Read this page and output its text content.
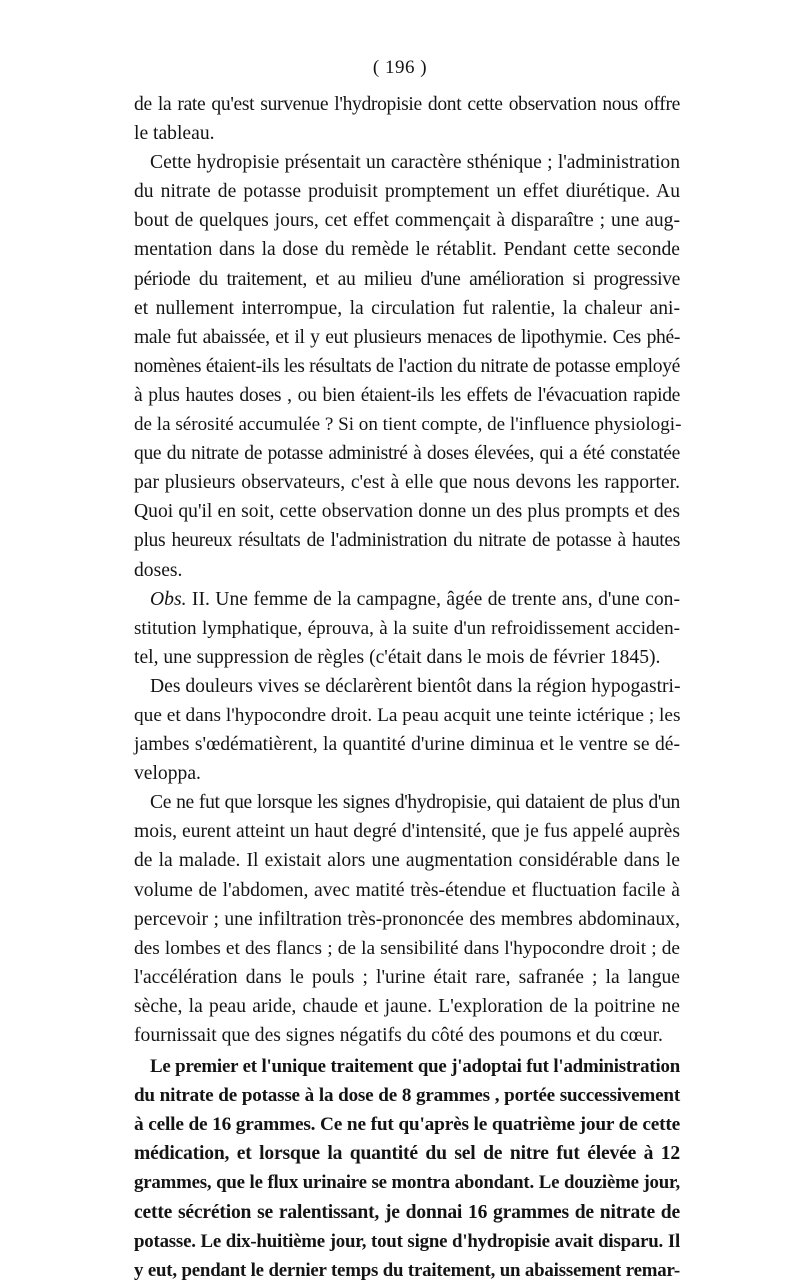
( 196 )
de la rate qu'est survenue l'hydropisie dont cette observation nous offre
le tableau.
Cette hydropisie présentait un caractère sthénique ; l'administration
du nitrate de potasse produisit promptement un effet diurétique. Au
bout de quelques jours, cet effet commençait à disparaître ; une aug-
mentation dans la dose du remède le rétablit. Pendant cette seconde
période du traitement, et au milieu d'une amélioration si progressive
et nullement interrompue, la circulation fut ralentie, la chaleur ani-
male fut abaissée, et il y eut plusieurs menaces de lipothymie. Ces phé-
nomènes étaient-ils les résultats de l'action du nitrate de potasse employé
à plus hautes doses , ou bien étaient-ils les effets de l'évacuation rapide
de la sérosité accumulée ? Si on tient compte, de l'influence physiologi-
que du nitrate de potasse administré à doses élevées, qui a été constatée
par plusieurs observateurs, c'est à elle que nous devons les rapporter.
Quoi qu'il en soit, cette observation donne un des plus prompts et des
plus heureux résultats de l'administration du nitrate de potasse à hautes
doses.
Obs. II. Une femme de la campagne, âgée de trente ans, d'une con-
stitution lymphatique, éprouva, à la suite d'un refroidissement acciden-
tel, une suppression de règles (c'était dans le mois de février 1845).
Des douleurs vives se déclarèrent bientôt dans la région hypogastri-
que et dans l'hypocondre droit. La peau acquit une teinte ictérique ; les
jambes s'œdématièrent, la quantité d'urine diminua et le ventre se dé-
veloppa.
Ce ne fut que lorsque les signes d'hydropisie, qui dataient de plus d'un
mois, eurent atteint un haut degré d'intensité, que je fus appelé auprès
de la malade. Il existait alors une augmentation considérable dans le
volume de l'abdomen, avec matité très-étendue et fluctuation facile à
percevoir ; une infiltration très-prononcée des membres abdominaux,
des lombes et des flancs ; de la sensibilité dans l'hypocondre droit ; de
l'accélération dans le pouls ; l'urine était rare, safranée ; la langue
sèche, la peau aride, chaude et jaune. L'exploration de la poitrine ne
fournissait que des signes négatifs du côté des poumons et du cœur.
Le premier et l'unique traitement que j'adoptai fut l'administration
du nitrate de potasse à la dose de 8 grammes , portée successivement
à celle de 16 grammes. Ce ne fut qu'après le quatrième jour de cette
médication, et lorsque la quantité du sel de nitre fut élevée à 12
grammes, que le flux urinaire se montra abondant. Le douzième jour,
cette sécrétion se ralentissant, je donnai 16 grammes de nitrate de
potasse. Le dix-huitième jour, tout signe d'hydropisie avait disparu. Il
y eut, pendant le dernier temps du traitement, un abaissement remar-
